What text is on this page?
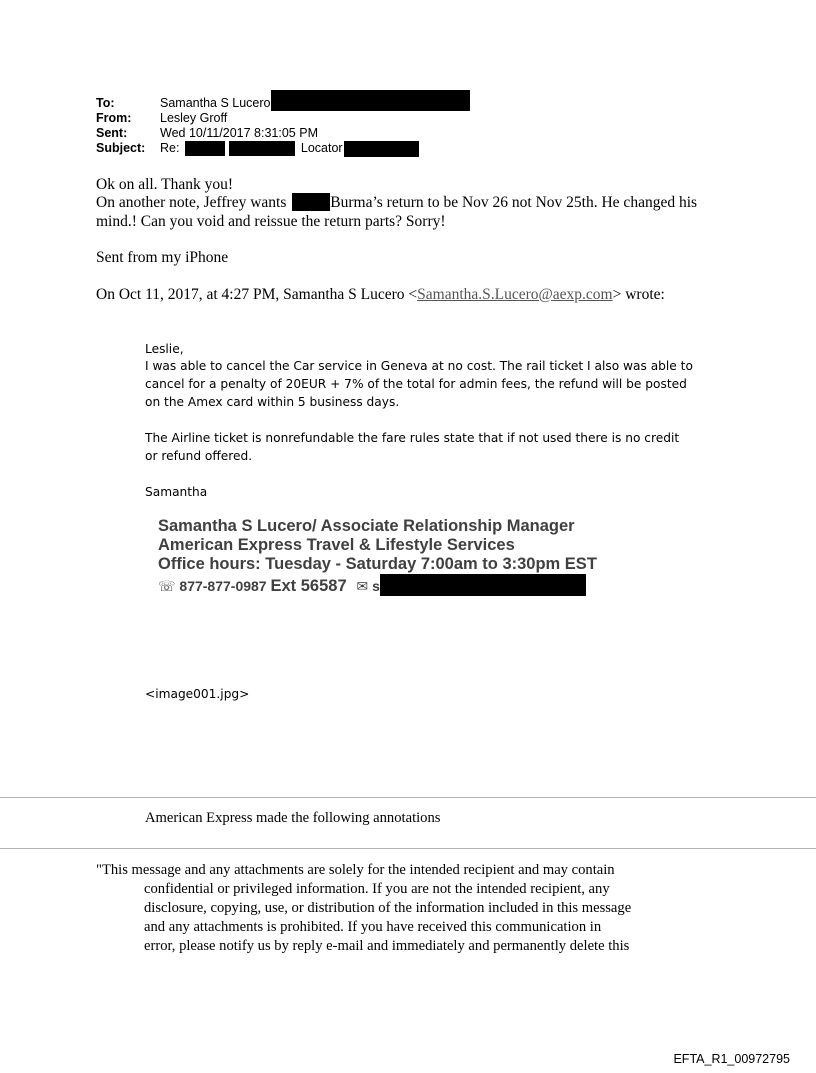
To:	Samantha S Lucero
From: Lesley Groff
Sent:	Wed 10/11/2017 8:31:05 PM
Subject: Re:	Locator
Ok on all. Thank you!
On another note, Jeffrey wants	Burma’s return to be Nov 26 not Nov 25th. He changed his
mind.! Can you void and reissue the return parts? Sorry!
Sent from my iPhone
On Oct 11, 2017, at 4:27 PM, Samantha S Lucero <Samantha.S.Lucero@aexp.com> wrote:
Leslie,
I was able to cancel the Car service in Geneva at no cost. The rail ticket I also was able to
cancel for a penalty of 20EUR + 7% of the total for admin fees, the refund will be posted
on the Amex card within 5 business days.
The Airline ticket is nonrefundable the fare rules state that if not used there is no credit
or refund offered.
Samantha
Samantha S Lucero/ Associate Relationship Manager
American Express Travel & Lifestyle Services
Office hours: Tuesday - Saturday 7:00am to 3:30pm EST
☏ 877-877-0987 Ext 56587 ✉ s
<image001.jpg>
American Express made the following annotations
"This message and any attachments are solely for the intended recipient and may contain
confidential or privileged information. If you are not the intended recipient, any
disclosure, copying, use, or distribution of the information included in this message
and any attachments is prohibited. If you have received this communication in
error, please notify us by reply e-mail and immediately and permanently delete this
EFTA_R1_00972795
